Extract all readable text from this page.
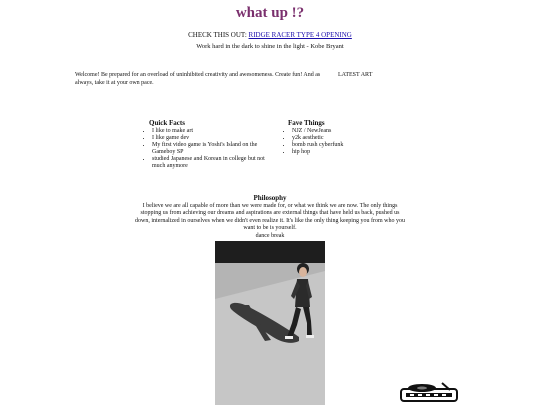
what up !?
CHECK THIS OUT: RIDGE RACER TYPE 4 OPENING
Work hard in the dark to shine in the light - Kobe Bryant
Welcome! Be prepared for an overload of uninhibited creativity and awesomeness. Create fun! And as always, take it at your own pace.
LATEST ART
Quick Facts
• I like to make art
• I like game dev
• My first video game is Yoshi's Island on the Gameboy SP
• studied Japanese and Korean in college but not much anymore
Fave Things
• NJZ / NewJeans
• y2k aesthetic
• bomb rush cyberfunk
• hip hop
Philosophy
I believe we are all capable of more than we were made for, or what we think we are now. The only things stopping us from achieving our dreams and aspirations are external things that have held us back, pushed us down, internalized in ourselves when we didn't even realize it. It's like the only thing keeping you from who you want to be is yourself.
dance break
